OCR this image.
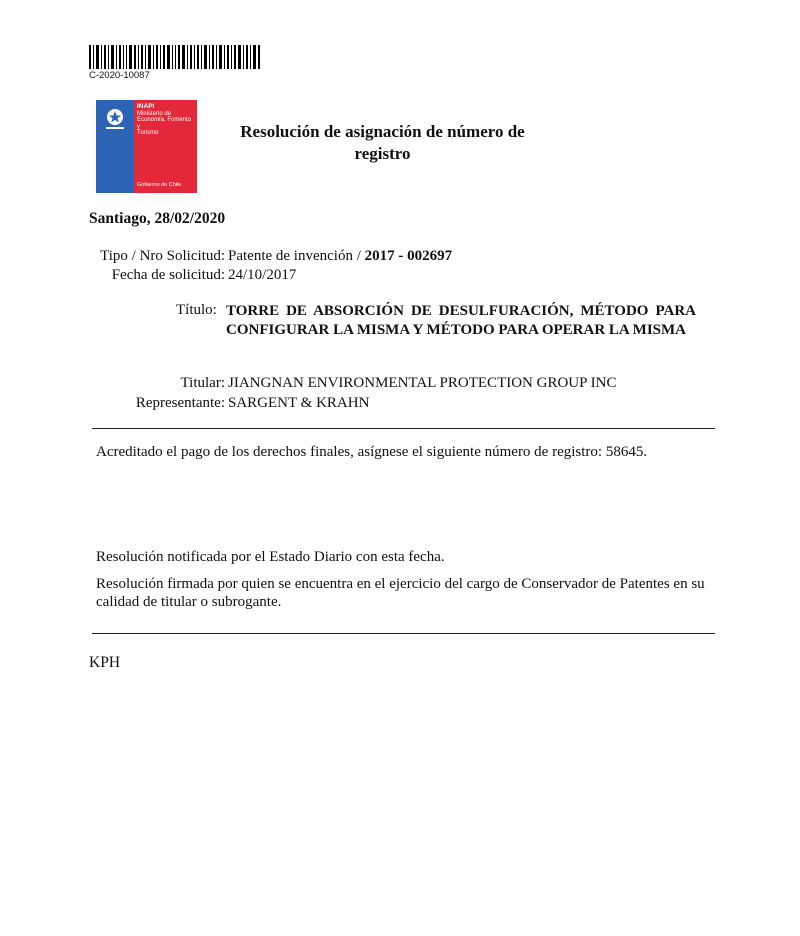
C-2020-10087
INAPI
Ministerio de
Economía, Fomento y
Turismo
Gobierno de Chile
Resolución de asignación de número de
registro
Santiago, 28/02/2020
Tipo / Nro Solicitud: Patente de invención / 2017 - 002697
Fecha de solicitud: 24/10/2017
Título: TORRE DE ABSORCIÓN DE DESULFURACIÓN, MÉTODO PARA CONFIGURAR LA MISMA Y MÉTODO PARA OPERAR LA MISMA
Titular: JIANGNAN ENVIRONMENTAL PROTECTION GROUP INC
Representante: SARGENT & KRAHN
Acreditado el pago de los derechos finales, asígnese el siguiente número de registro: 58645.
Resolución notificada por el Estado Diario con esta fecha.
Resolución firmada por quien se encuentra en el ejercicio del cargo de Conservador de Patentes en su calidad de titular o subrogante.
KPH
